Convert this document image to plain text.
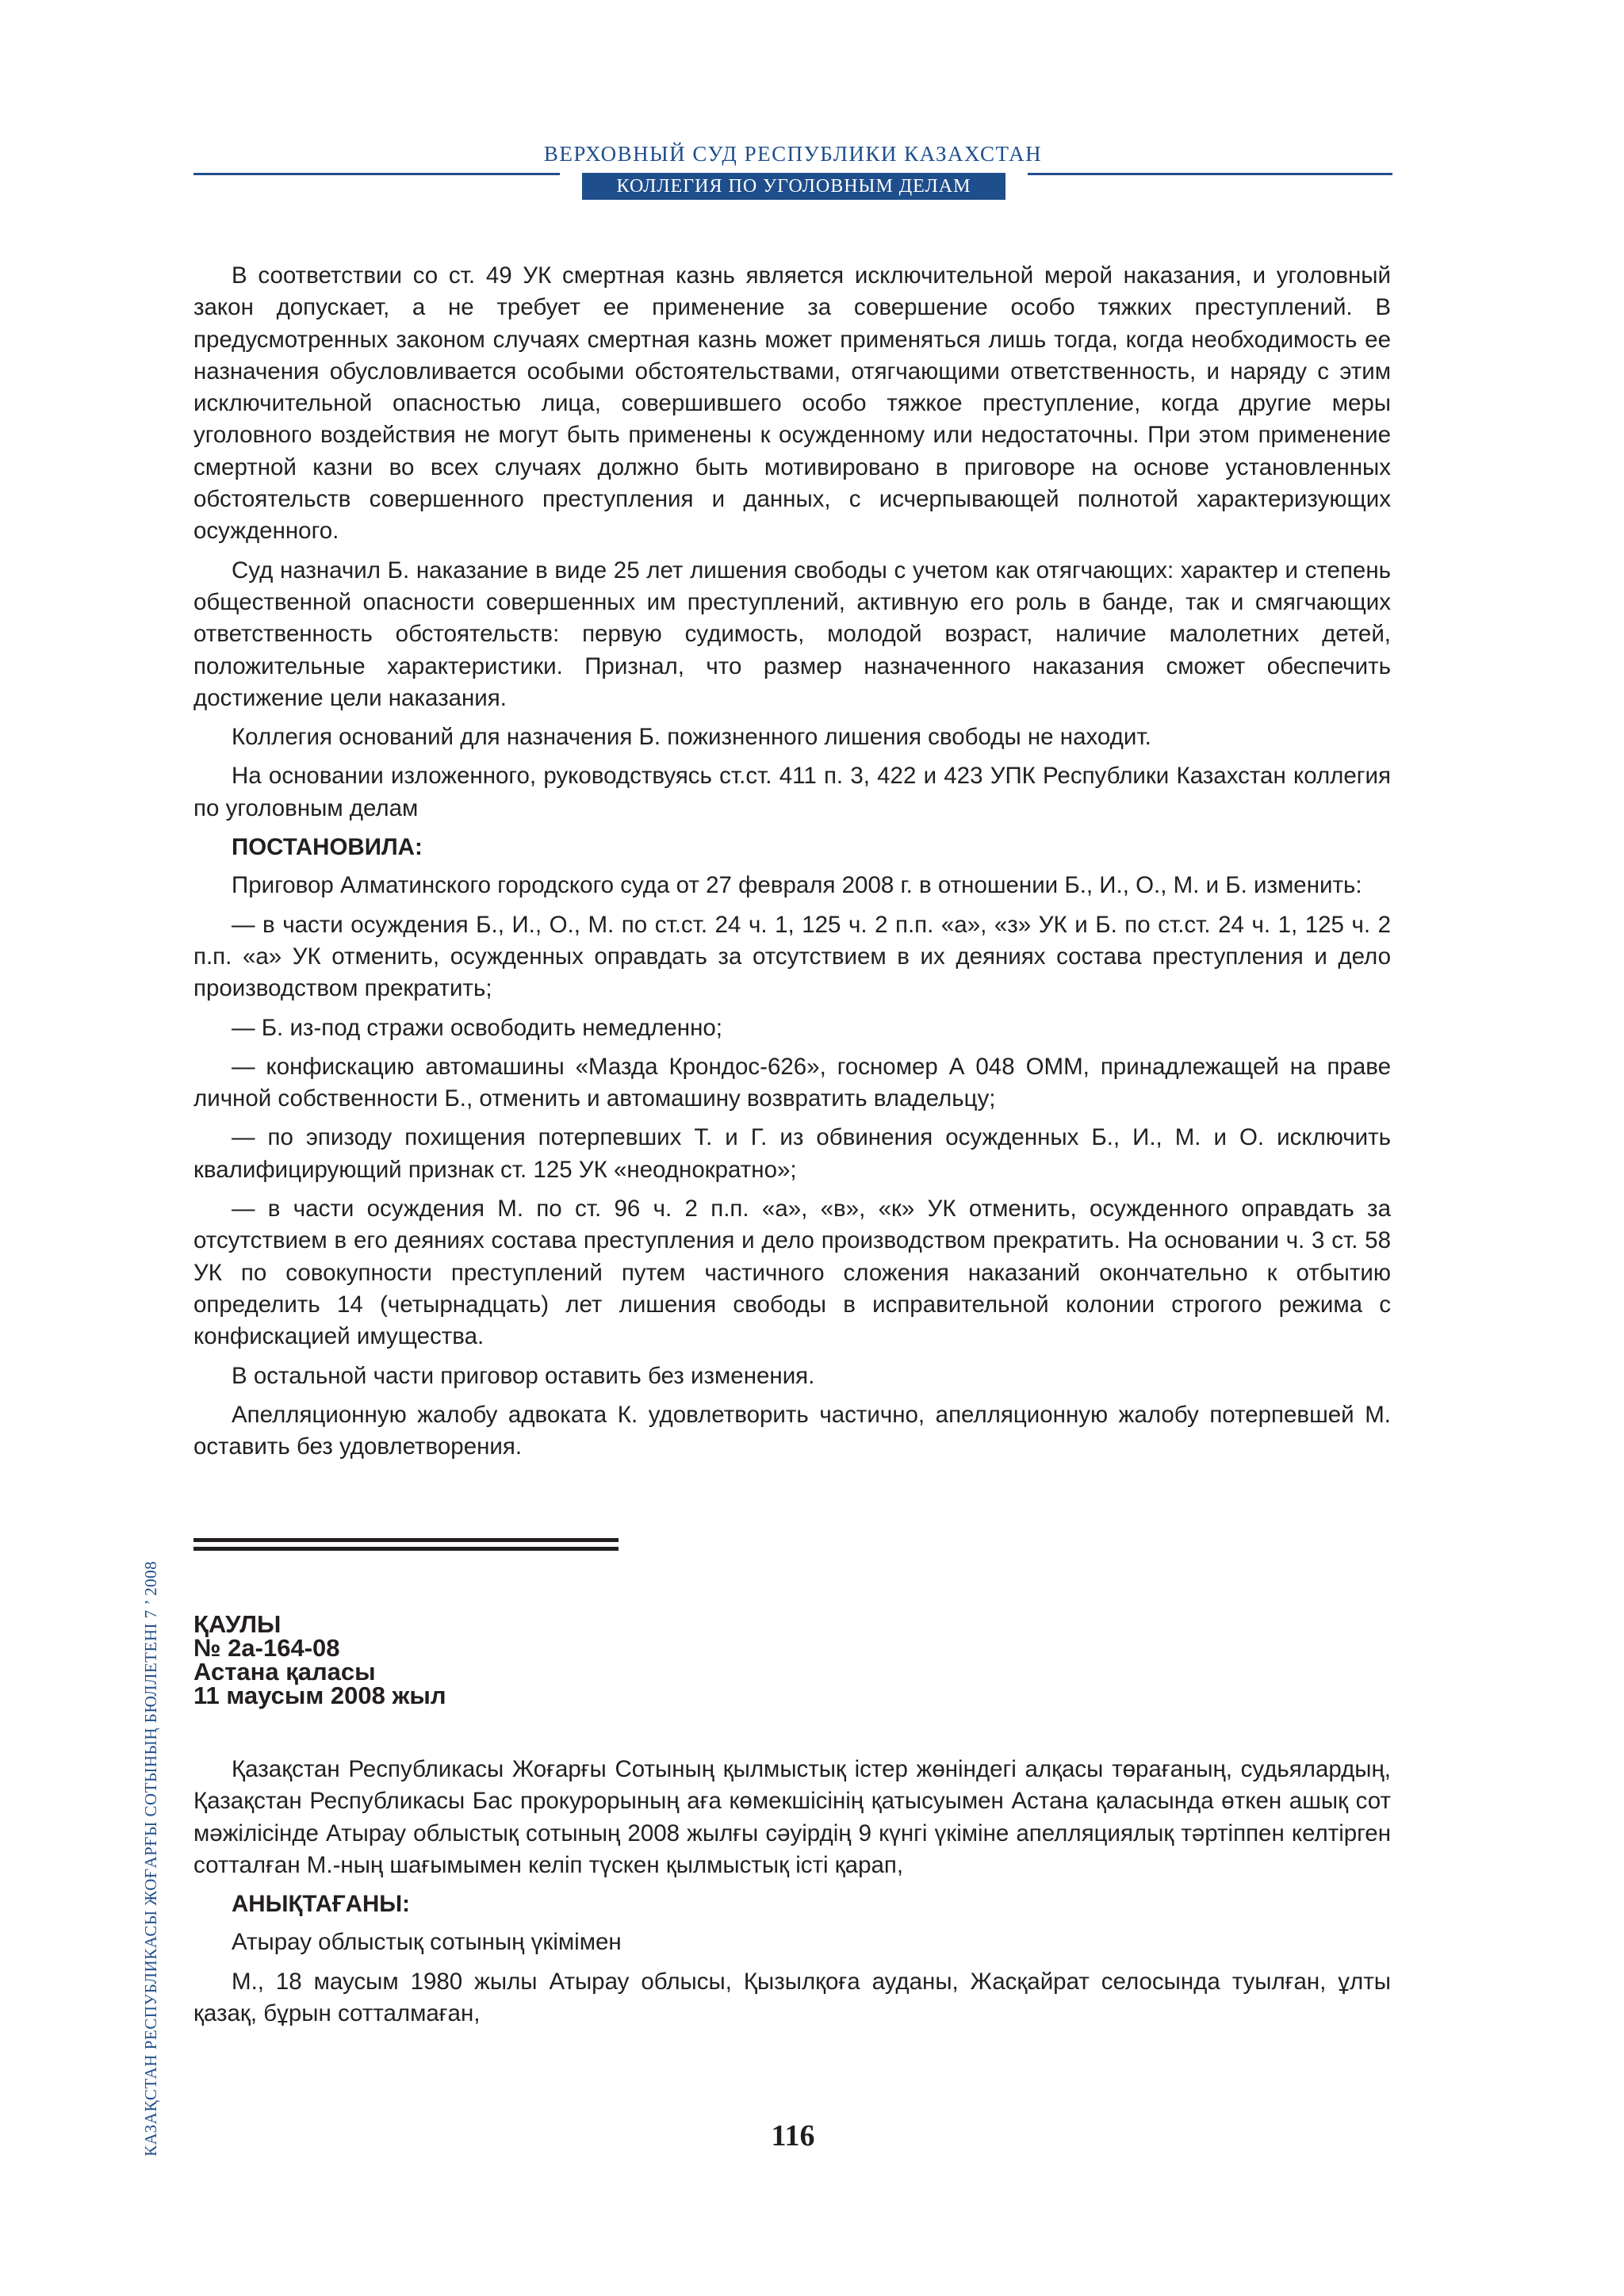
ВЕРХОВНЫЙ СУД РЕСПУБЛИКИ КАЗАХСТАН
КОЛЛЕГИЯ ПО УГОЛОВНЫМ ДЕЛАМ

В соответствии со ст. 49 УК смертная казнь является исключительной мерой наказания, и уголовный закон допускает, а не требует ее применение за совершение особо тяжких преступлений. В предусмотренных законом случаях смертная казнь может применяться лишь тогда, когда необходимость ее назначения обусловливается особыми обстоятельствами, отягчающими ответственность, и наряду с этим исключительной опасностью лица, совершившего особо тяжкое преступление, когда другие меры уголовного воздействия не могут быть применены к осужденному или недостаточны. При этом применение смертной казни во всех случаях должно быть мотивировано в приговоре на основе установленных обстоятельств совершенного преступления и данных, с исчерпывающей полнотой характеризующих осужденного.

Суд назначил Б. наказание в виде 25 лет лишения свободы с учетом как отягчающих: характер и степень общественной опасности совершенных им преступлений, активную его роль в банде, так и смягчающих ответственность обстоятельств: первую судимость, молодой возраст, наличие малолетних детей, положительные характеристики. Признал, что размер назначенного наказания сможет обеспечить достижение цели наказания.

Коллегия оснований для назначения Б. пожизненного лишения свободы не находит.

На основании изложенного, руководствуясь ст.ст. 411 п. 3, 422 и 423 УПК Республики Казахстан коллегия по уголовным делам

ПОСТАНОВИЛА:

Приговор Алматинского городского суда от 27 февраля 2008 г. в отношении Б., И., О., М. и Б. изменить:

— в части осуждения Б., И., О., М. по ст.ст. 24 ч. 1, 125 ч. 2 п.п. «а», «з» УК и Б. по ст.ст. 24 ч. 1, 125 ч. 2 п.п. «а» УК отменить, осужденных оправдать за отсутствием в их деяниях состава преступления и дело производством прекратить;

— Б. из-под стражи освободить немедленно;

— конфискацию автомашины «Мазда Крондос-626», госномер А 048 ОММ, принадлежащей на праве личной собственности Б., отменить и автомашину возвратить владельцу;

— по эпизоду похищения потерпевших Т. и Г. из обвинения осужденных Б., И., М. и О. исключить квалифицирующий признак ст. 125 УК «неоднократно»;

— в части осуждения М. по ст. 96 ч. 2 п.п. «а», «в», «к» УК отменить, осужденного оправдать за отсутствием в его деяниях состава преступления и дело производством прекратить. На основании ч. 3 ст. 58 УК по совокупности преступлений путем частичного сложения наказаний окончательно к отбытию определить 14 (четырнадцать) лет лишения свободы в исправительной колонии строгого режима с конфискацией имущества.

В остальной части приговор оставить без изменения.

Апелляционную жалобу адвоката К. удовлетворить частично, апелляционную жалобу потерпевшей М. оставить без удовлетворения.

ҚАУЛЫ
№ 2а-164-08
Астана қаласы
11 маусым 2008 жыл

Қазақстан Республикасы Жоғарғы Сотының қылмыстық істер жөніндегі алқасы төрағаның, судьялардың, Қазақстан Республикасы Бас прокурорының аға көмекшісінің қатысуымен Астана қаласында өткен ашық сот мәжілісінде Атырау облыстық сотының 2008 жылғы сәуірдің 9 күнгі үкіміне апелляциялық тәртіппен келтірген сотталған М.-ның шағымымен келіп түскен қылмыстық істі қарап,

АНЫҚТАҒАНЫ:

Атырау облыстық сотының үкімімен

М., 18 маусым 1980 жылы Атырау облысы, Қызылқоға ауданы, Жасқайрат селосында туылған, ұлты қазақ, бұрын сотталмаған,

КАЗАҚСТАН РЕСПУБЛИКАСЫ ЖОҒАРҒЫ СОТЫНЫҢ БЮЛЛЕТЕНІ 7 ’ 2008	116
